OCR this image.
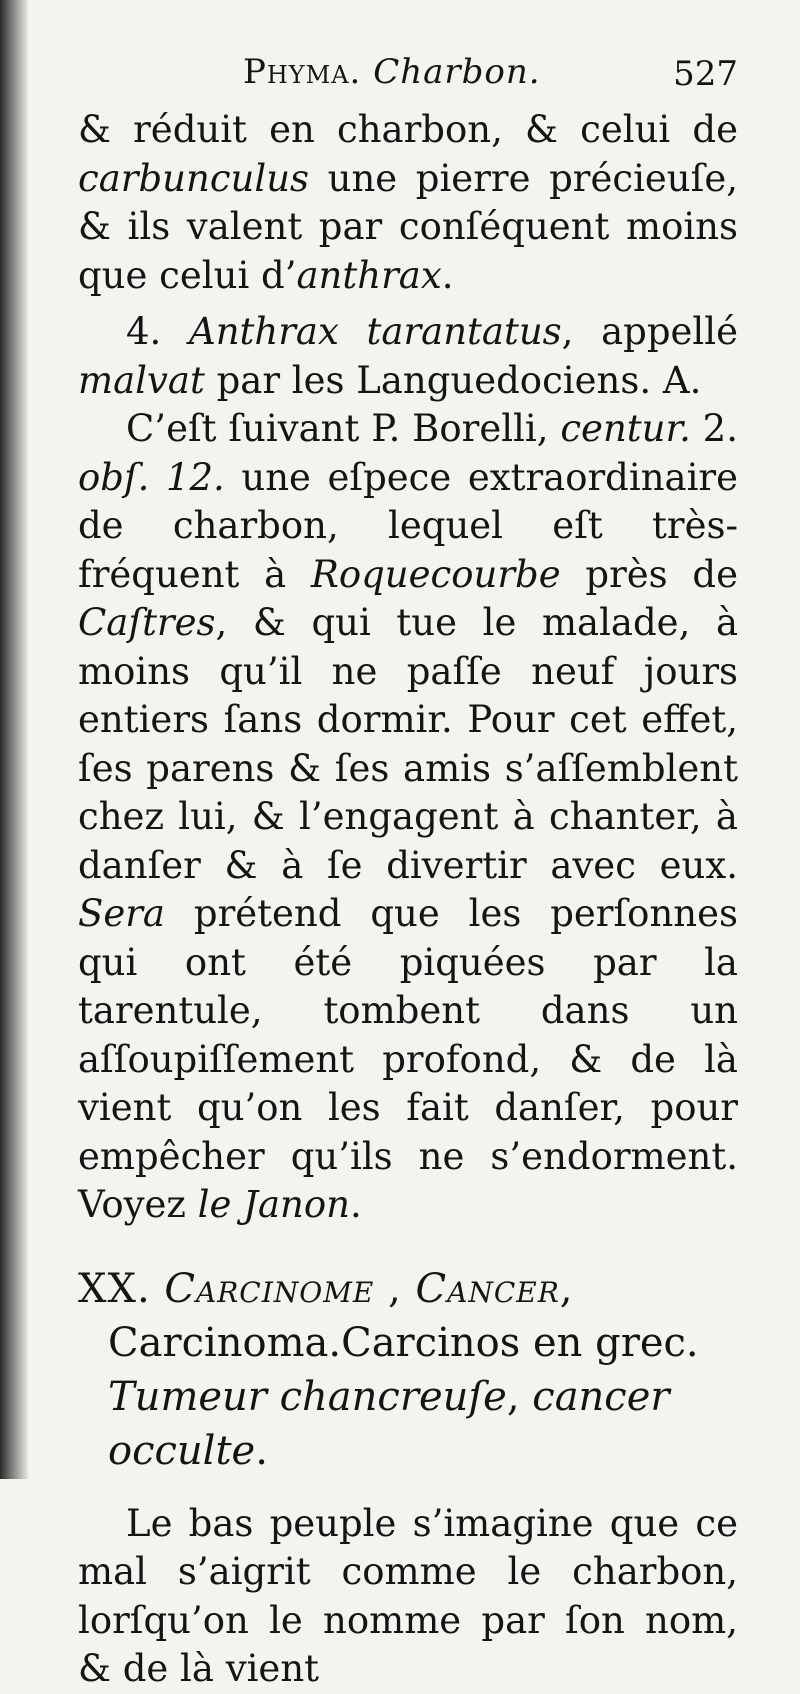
Phyma. Charbon.	527

& réduit en charbon, & celui de carbunculus une pierre précieuſe, & ils valent par conſéquent moins que celui d’anthrax.

4. Anthrax tarantatus, appellé malvat par les Languedociens. A.

C’eſt ſuivant P. Borelli, centur. 2. obſ. 12. une eſpece extraordinaire de charbon, lequel eſt très-fréquent à Roquecourbe près de Caſtres, & qui tue le malade, à moins qu’il ne paſſe neuf jours entiers ſans dormir. Pour cet effet, ſes parens & ſes amis s’aſſemblent chez lui, & l’engagent à chanter, à danſer & à ſe divertir avec eux. Sera prétend que les perſonnes qui ont été piquées par la tarentule, tombent dans un aſſoupiſſement profond, & de là vient qu’on les fait danſer, pour empêcher qu’ils ne s’endorment. Voyez le Janon.

XX. Carcinome , Cancer,
Carcinoma.Carcinos en grec.
Tumeur chancreuſe, cancer occulte.

Le bas peuple s’imagine que ce mal s’aigrit comme le charbon, lorſqu’on le nomme par ſon nom, & de là vient
